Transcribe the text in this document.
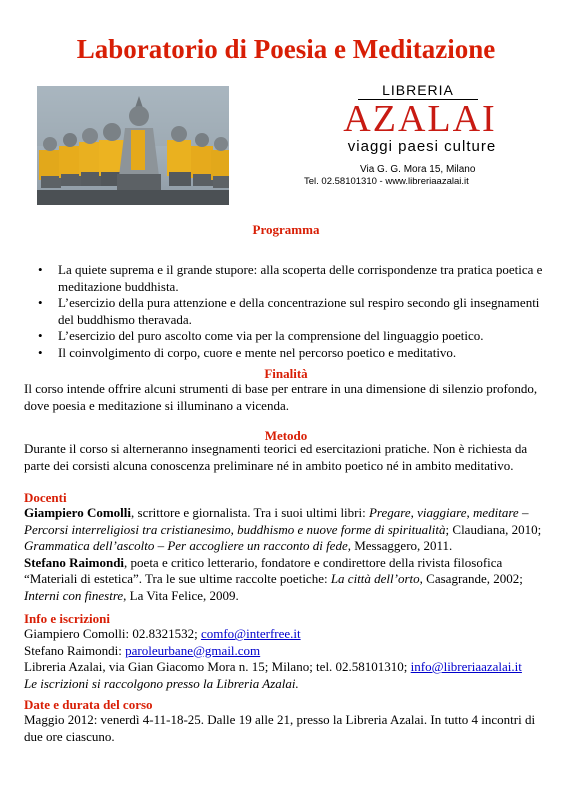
Laboratorio di Poesia e Meditazione
LIBRERIA
AZALAI
viaggi paesi culture
Via G. G. Mora 15, Milano
Tel. 02.58101310 - www.libreriaazalai.it
Programma
• La quiete suprema e il grande stupore: alla scoperta delle corrispondenze tra pratica poetica e meditazione buddhista.
• L’esercizio della pura attenzione e della concentrazione sul respiro secondo gli insegnamenti del buddhismo theravada.
• L’esercizio del puro ascolto come via per la comprensione del linguaggio poetico.
• Il coinvolgimento di corpo, cuore e mente nel percorso poetico e meditativo.
Finalità
Il corso intende offrire alcuni strumenti di base per entrare in una dimensione di silenzio profondo, dove poesia e meditazione si illuminano a vicenda.
Metodo
Durante il corso si alterneranno insegnamenti teorici ed esercitazioni pratiche. Non è richiesta da parte dei corsisti alcuna conoscenza preliminare né in ambito poetico né in ambito meditativo.
Docenti
Giampiero Comolli, scrittore e giornalista. Tra i suoi ultimi libri: Pregare, viaggiare, meditare –
Percorsi interreligiosi tra cristianesimo, buddhismo e nuove forme di spiritualità; Claudiana, 2010;
Grammatica dell’ascolto – Per accogliere un racconto di fede, Messaggero, 2011.
Stefano Raimondi, poeta e critico letterario, fondatore e condirettore della rivista filosofica
“Materiali di estetica”. Tra le sue ultime raccolte poetiche: La città dell’orto, Casagrande, 2002;
Interni con finestre, La Vita Felice, 2009.
Info e iscrizioni
Giampiero Comolli: 02.8321532; comfo@interfree.it
Stefano Raimondi: paroleurbane@gmail.com
Libreria Azalai, via Gian Giacomo Mora n. 15; Milano; tel. 02.58101310; info@libreriaazalai.it
Le iscrizioni si raccolgono presso la Libreria Azalai.
Date e durata del corso
Maggio 2012: venerdì 4-11-18-25. Dalle 19 alle 21, presso la Libreria Azalai. In tutto 4 incontri di due ore ciascuno.
